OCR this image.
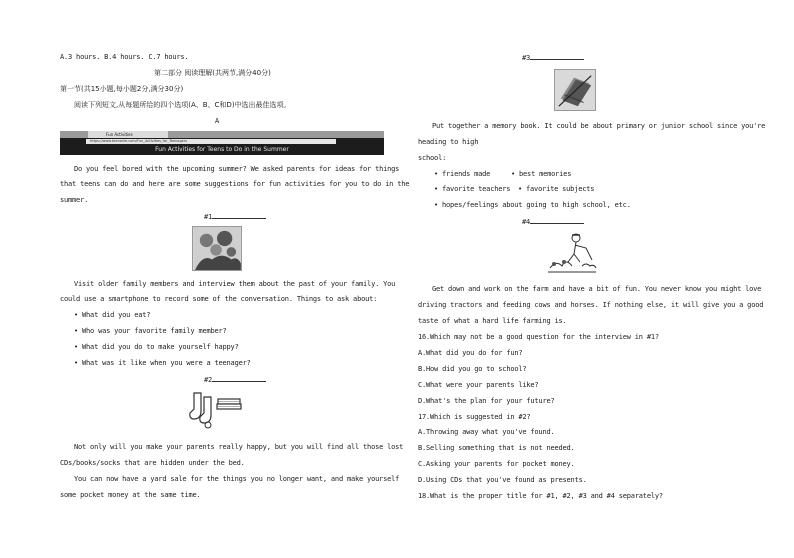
A.3 hours. B.4 hours. C.7 hours.
第二部分 阅读理解(共两节,满分40分)
第一节(共15小题,每小题2分,满分30分)
阅读下列短文,从每题所给的四个选项(A、B、C和D)中选出最佳选项。
A
Fun Activities
https://www.teenwire.com/Fun_Activities_for_Teenagers
Fun Activities for Teens to Do in the Summer
Do you feel bored with the upcoming summer? We asked parents for ideas for things
that teens can do and here are some suggestions for fun activities for you to do in the
summer.
#1
Visit older family members and interview them about the past of your family. You
could use a smartphone to record some of the conversation. Things to ask about:
• What did you eat?
• Who was your favorite family member?
• What did you do to make yourself happy?
• What was it like when you were a teenager?
#2
Not only will you make your parents really happy, but you will find all those lost
CDs/books/socks that are hidden under the bed.
You can now have a yard sale for the things you no longer want, and make yourself
some pocket money at the same time.
#3
Put together a memory book. It could be about primary or junior school since you're
heading to high
school:
• friends made	• best memories
• favorite teachers • favorite subjects
• hopes/feelings about going to high school, etc.
#4
Get down and work on the farm and have a bit of fun. You never know you might love
driving tractors and feeding cows and horses. If nothing else, it will give you a good
taste of what a hard life farming is.
16.Which may not be a good question for the interview in #1?
A.What did you do for fun?
B.How did you go to school?
C.What were your parents like?
D.What's the plan for your future?
17.Which is suggested in #2?
A.Throwing away what you've found.
B.Selling something that is not needed.
C.Asking your parents for pocket money.
D.Using CDs that you've found as presents.
18.What is the proper title for #1, #2, #3 and #4 separately?
